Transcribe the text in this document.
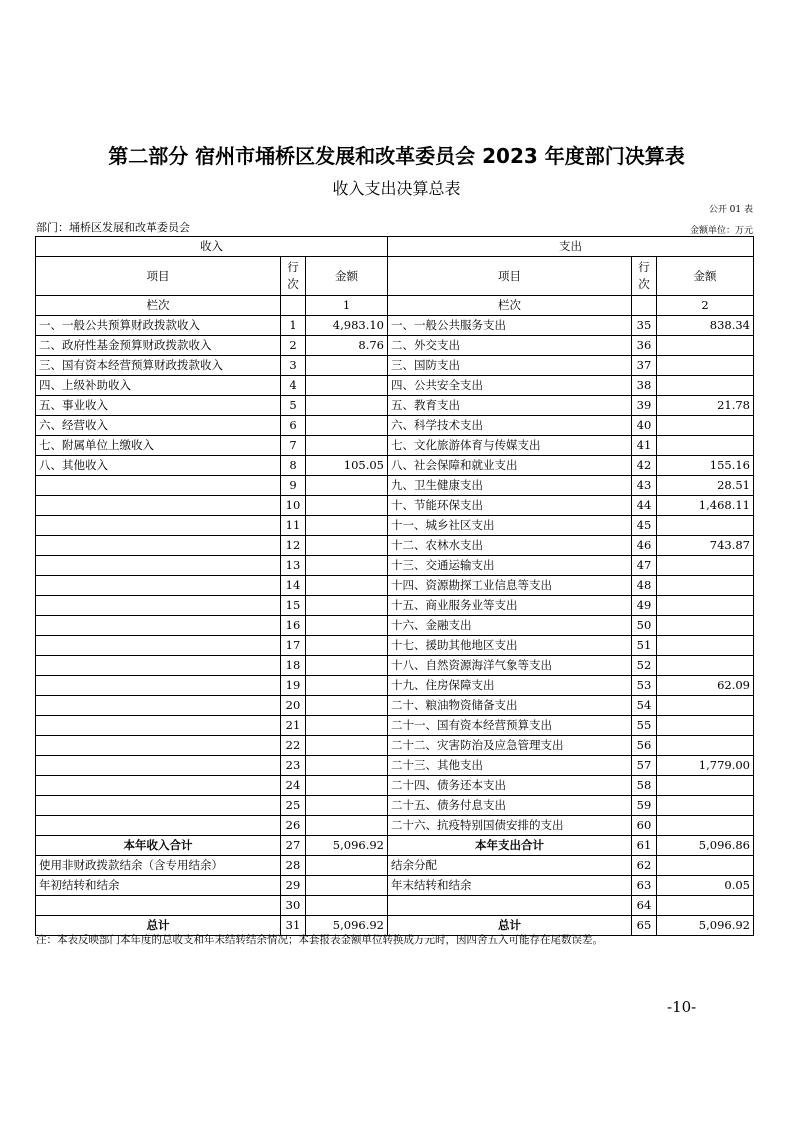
第二部分 宿州市埇桥区发展和改革委员会 2023 年度部门决算表
收入支出决算总表
公开 01 表
部门：埇桥区发展和改革委员会	金额单位：万元
收入			支出		
项目	行次	金额	项目	行次	金额
栏次		1	栏次		2
一、一般公共预算财政拨款收入	1	4,983.10	一、一般公共服务支出	35	838.34
二、政府性基金预算财政拨款收入	2	8.76	二、外交支出	36	
三、国有资本经营预算财政拨款收入	3		三、国防支出	37	
四、上级补助收入	4		四、公共安全支出	38	
五、事业收入	5		五、教育支出	39	21.78
六、经营收入	6		六、科学技术支出	40	
七、附属单位上缴收入	7		七、文化旅游体育与传媒支出	41	
八、其他收入	8	105.05	八、社会保障和就业支出	42	155.16
	9		九、卫生健康支出	43	28.51
	10		十、节能环保支出	44	1,468.11
	11		十一、城乡社区支出	45	
	12		十二、农林水支出	46	743.87
	13		十三、交通运输支出	47	
	14		十四、资源勘探工业信息等支出	48	
	15		十五、商业服务业等支出	49	
	16		十六、金融支出	50	
	17		十七、援助其他地区支出	51	
	18		十八、自然资源海洋气象等支出	52	
	19		十九、住房保障支出	53	62.09
	20		二十、粮油物资储备支出	54	
	21		二十一、国有资本经营预算支出	55	
	22		二十二、灾害防治及应急管理支出	56	
	23		二十三、其他支出	57	1,779.00
	24		二十四、债务还本支出	58	
	25		二十五、债务付息支出	59	
	26		二十六、抗疫特别国债安排的支出	60	
本年收入合计	27	5,096.92	本年支出合计	61	5,096.86
使用非财政拨款结余（含专用结余）	28		结余分配	62	
年初结转和结余	29		年末结转和结余	63	0.05
	30			64	
总计	31	5,096.92	总计	65	5,096.92
注：本表反映部门本年度的总收支和年末结转结余情况；本套报表金额单位转换成万元时，因四舍五入可能存在尾数误差。
-10-
